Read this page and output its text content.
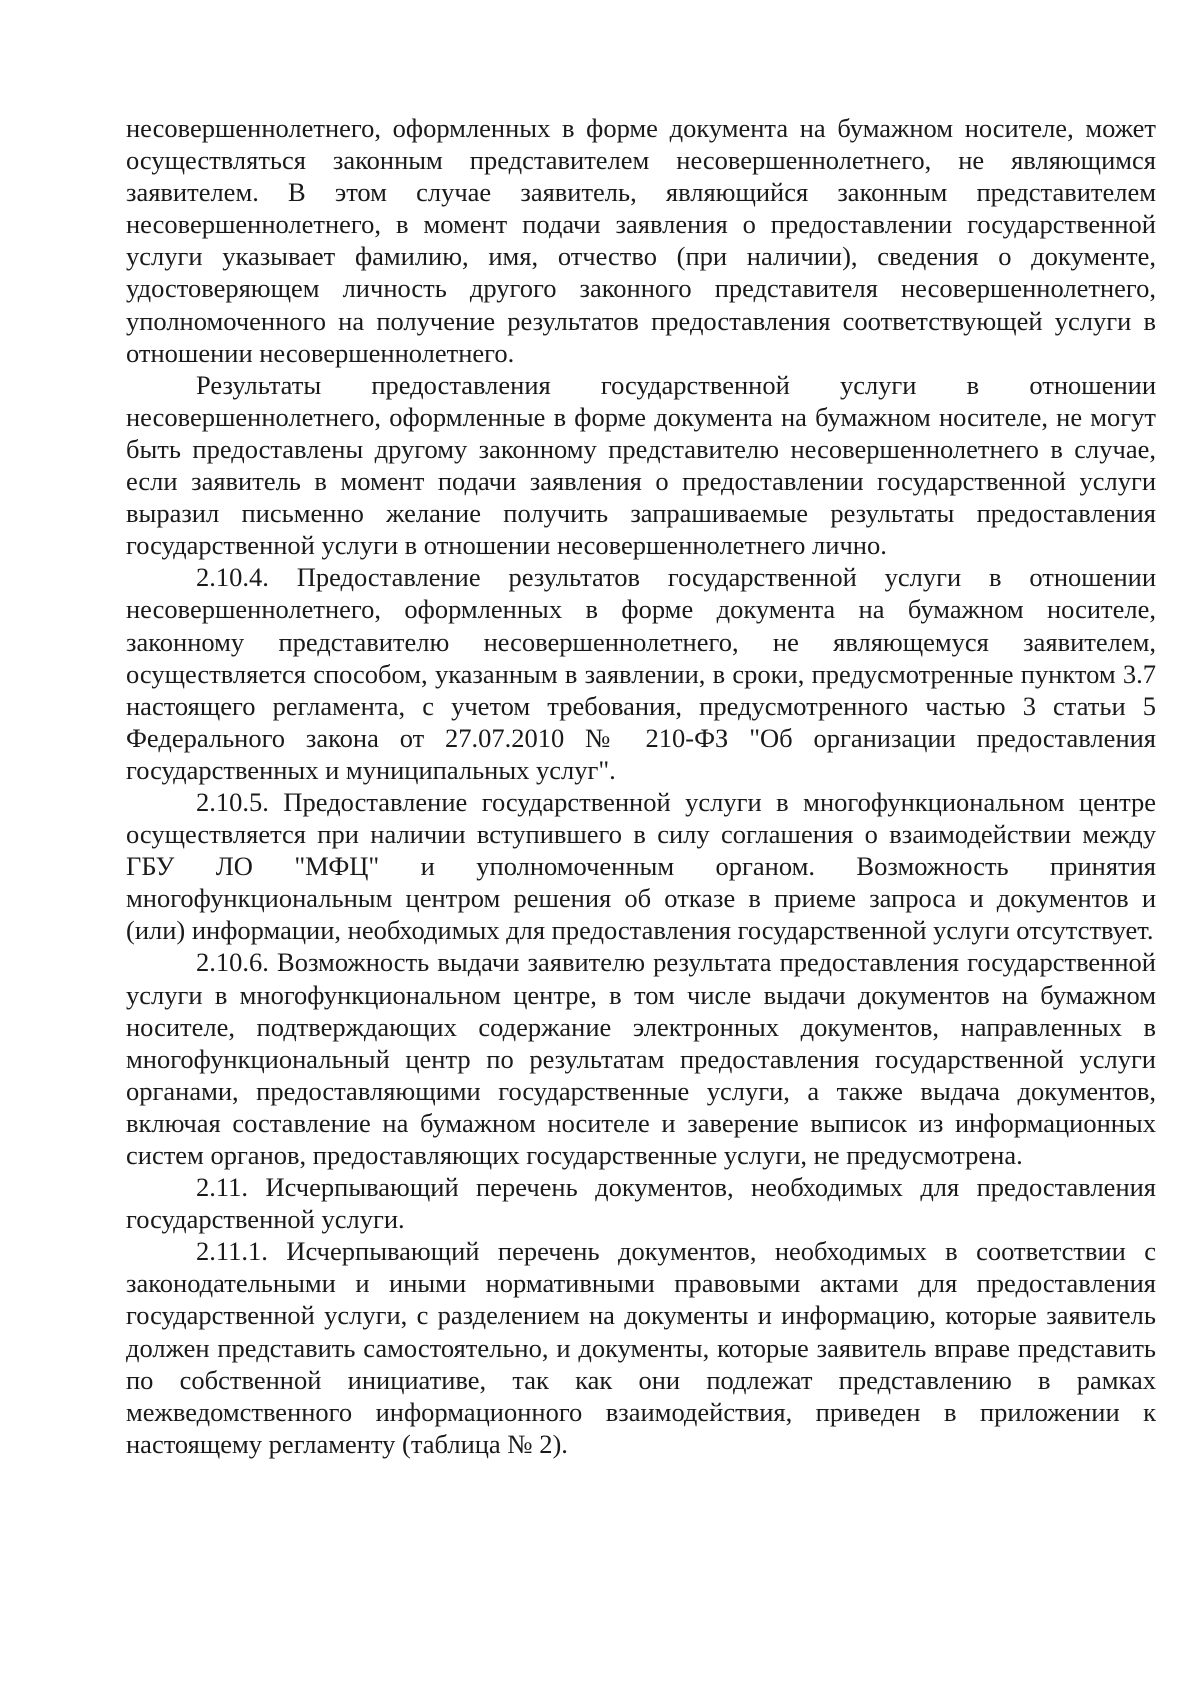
несовершеннолетнего, оформленных в форме документа на бумажном носителе, может осуществляться законным представителем несовершеннолетнего, не являющимся заявителем. В этом случае заявитель, являющийся законным представителем несовершеннолетнего, в момент подачи заявления о предоставлении государственной услуги указывает фамилию, имя, отчество (при наличии), сведения о документе, удостоверяющем личность другого законного представителя несовершеннолетнего, уполномоченного на получение результатов предоставления соответствующей услуги в отношении несовершеннолетнего.

Результаты предоставления государственной услуги в отношении несовершеннолетнего, оформленные в форме документа на бумажном носителе, не могут быть предоставлены другому законному представителю несовершеннолетнего в случае, если заявитель в момент подачи заявления о предоставлении государственной услуги выразил письменно желание получить запрашиваемые результаты предоставления государственной услуги в отношении несовершеннолетнего лично.

2.10.4. Предоставление результатов государственной услуги в отношении несовершеннолетнего, оформленных в форме документа на бумажном носителе, законному представителю несовершеннолетнего, не являющемуся заявителем, осуществляется способом, указанным в заявлении, в сроки, предусмотренные пунктом 3.7 настоящего регламента, с учетом требования, предусмотренного частью 3 статьи 5 Федерального закона от 27.07.2010 № 210-ФЗ "Об организации предоставления государственных и муниципальных услуг".

2.10.5. Предоставление государственной услуги в многофункциональном центре осуществляется при наличии вступившего в силу соглашения о взаимодействии между ГБУ ЛО "МФЦ" и уполномоченным органом. Возможность принятия многофункциональным центром решения об отказе в приеме запроса и документов и (или) информации, необходимых для предоставления государственной услуги отсутствует.

2.10.6. Возможность выдачи заявителю результата предоставления государственной услуги в многофункциональном центре, в том числе выдачи документов на бумажном носителе, подтверждающих содержание электронных документов, направленных в многофункциональный центр по результатам предоставления государственной услуги органами, предоставляющими государственные услуги, а также выдача документов, включая составление на бумажном носителе и заверение выписок из информационных систем органов, предоставляющих государственные услуги, не предусмотрена.

2.11. Исчерпывающий перечень документов, необходимых для предоставления государственной услуги.

2.11.1. Исчерпывающий перечень документов, необходимых в соответствии с законодательными и иными нормативными правовыми актами для предоставления государственной услуги, с разделением на документы и информацию, которые заявитель должен представить самостоятельно, и документы, которые заявитель вправе представить по собственной инициативе, так как они подлежат представлению в рамках межведомственного информационного взаимодействия, приведен в приложении к настоящему регламенту (таблица № 2).
